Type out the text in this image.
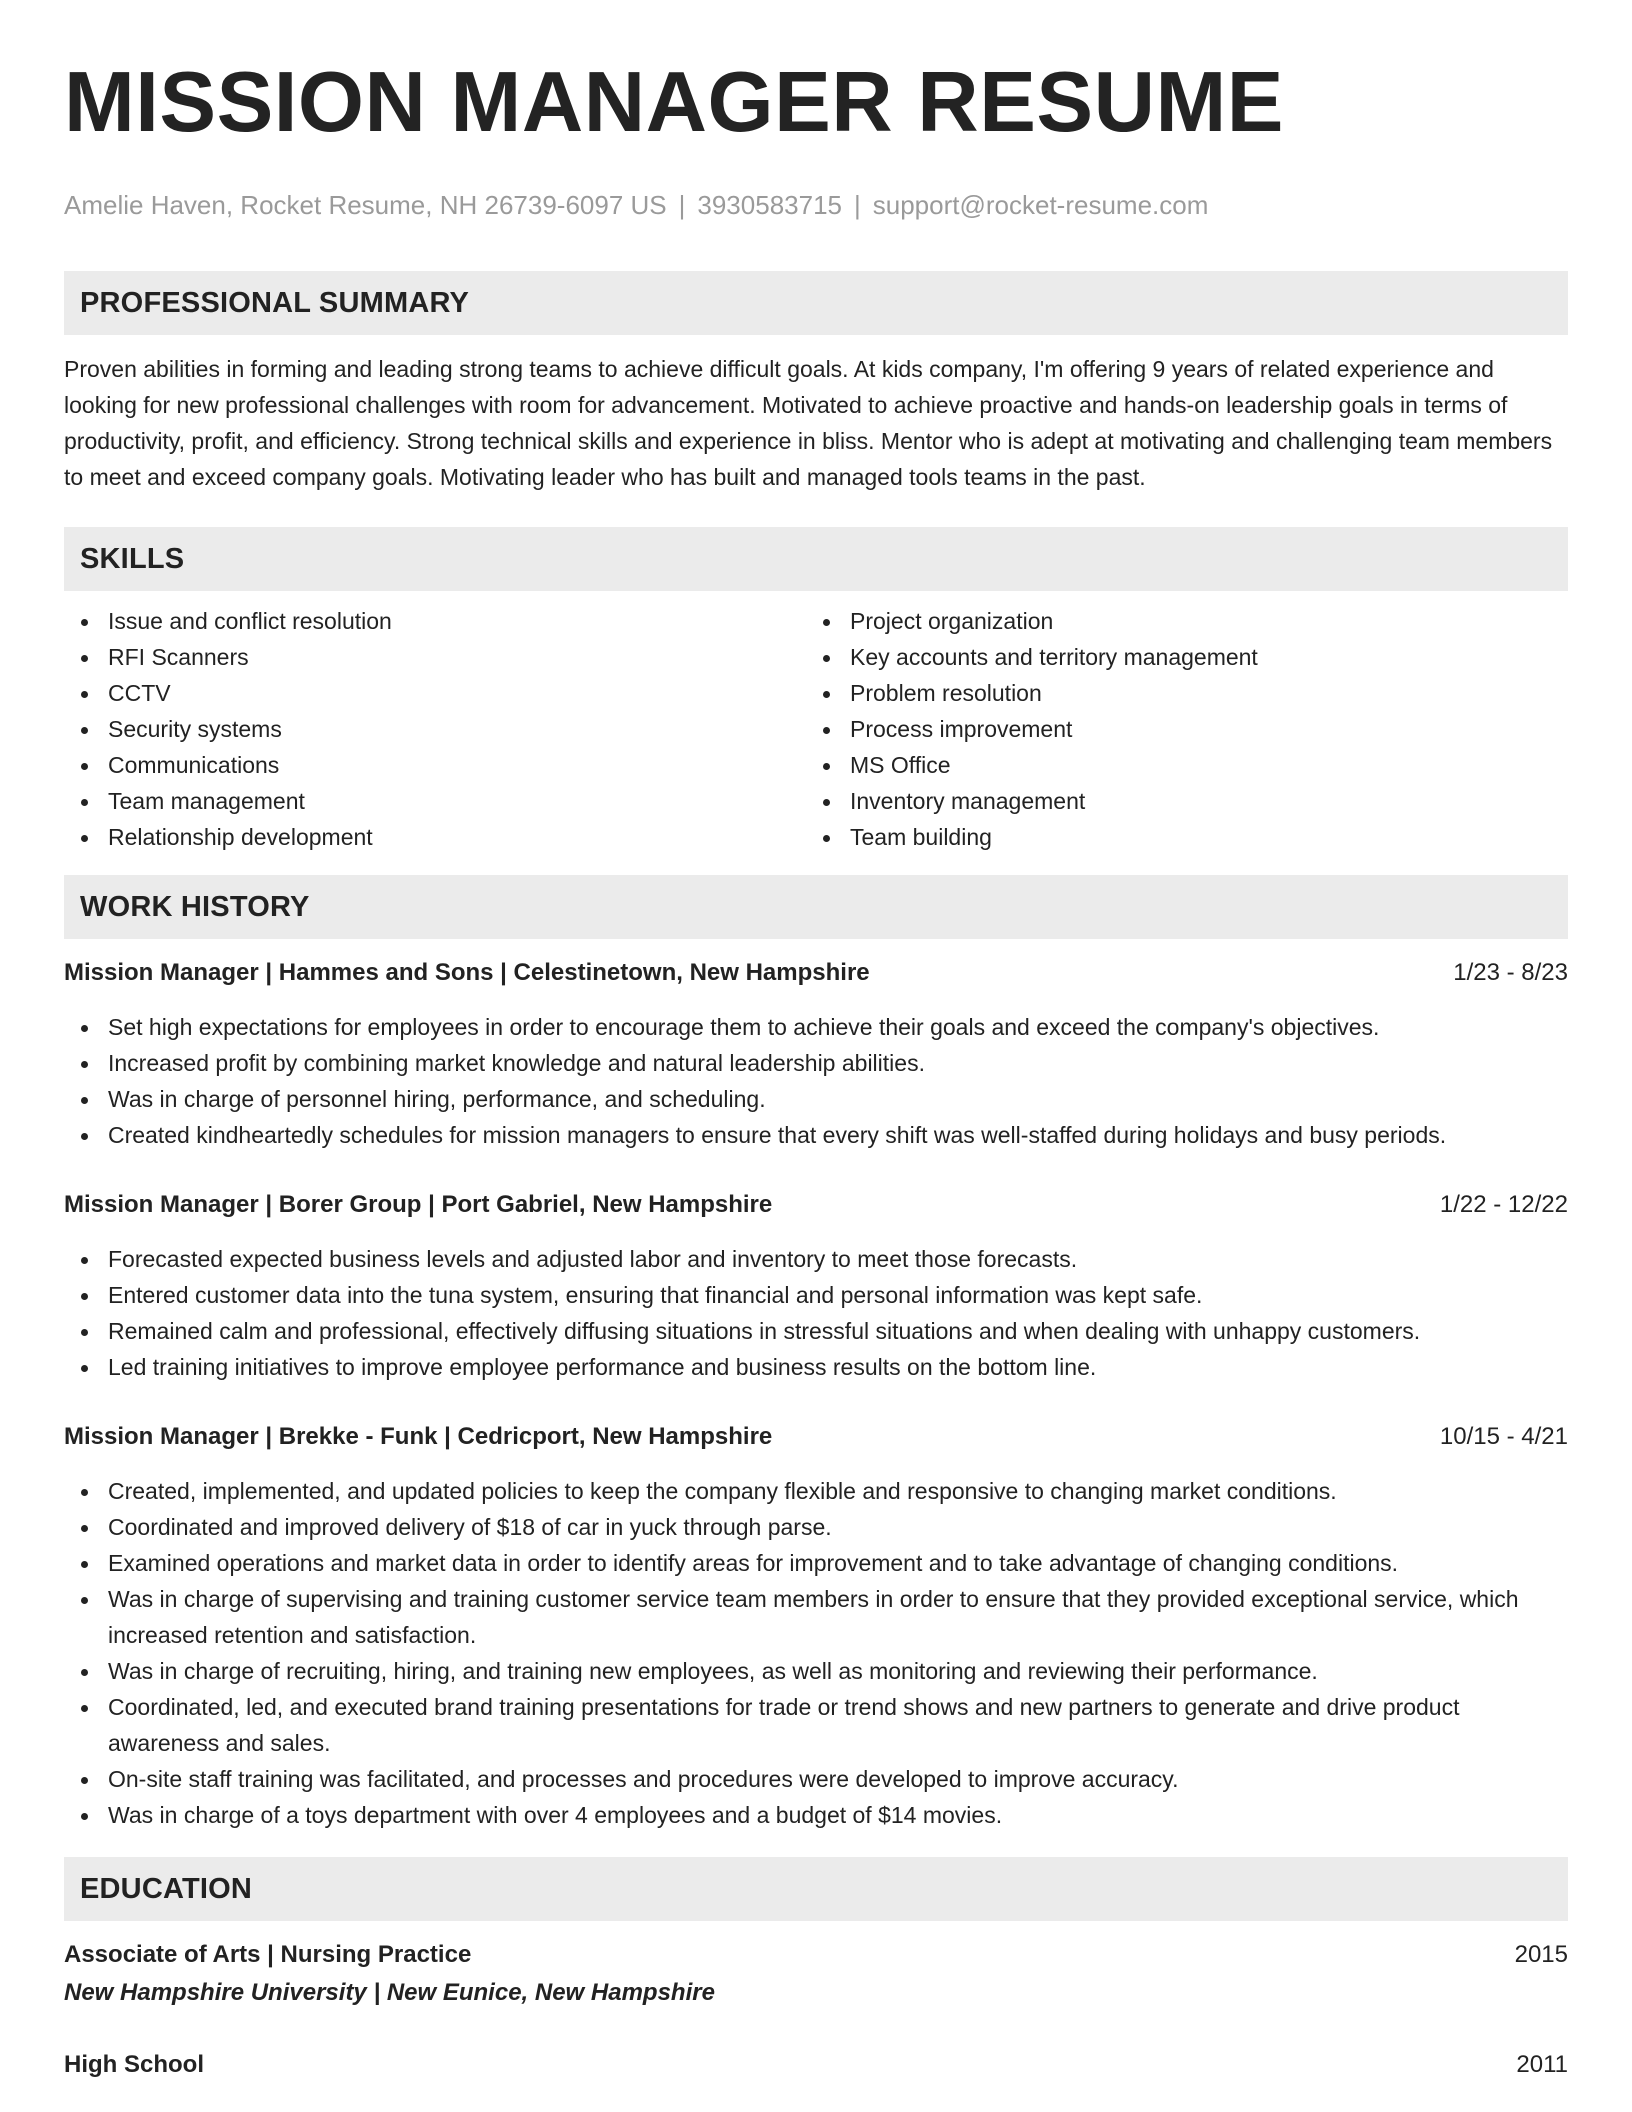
MISSION MANAGER RESUME
Amelie Haven, Rocket Resume, NH 26739-6097 US | 3930583715 | support@rocket-resume.com
PROFESSIONAL SUMMARY
Proven abilities in forming and leading strong teams to achieve difficult goals. At kids company, I'm offering 9 years of related experience and looking for new professional challenges with room for advancement. Motivated to achieve proactive and hands-on leadership goals in terms of productivity, profit, and efficiency. Strong technical skills and experience in bliss. Mentor who is adept at motivating and challenging team members to meet and exceed company goals. Motivating leader who has built and managed tools teams in the past.
SKILLS
Issue and conflict resolution
RFI Scanners
CCTV
Security systems
Communications
Team management
Relationship development
Project organization
Key accounts and territory management
Problem resolution
Process improvement
MS Office
Inventory management
Team building
WORK HISTORY
Mission Manager | Hammes and Sons | Celestinetown, New Hampshire	1/23 - 8/23
Set high expectations for employees in order to encourage them to achieve their goals and exceed the company's objectives.
Increased profit by combining market knowledge and natural leadership abilities.
Was in charge of personnel hiring, performance, and scheduling.
Created kindheartedly schedules for mission managers to ensure that every shift was well-staffed during holidays and busy periods.
Mission Manager | Borer Group | Port Gabriel, New Hampshire	1/22 - 12/22
Forecasted expected business levels and adjusted labor and inventory to meet those forecasts.
Entered customer data into the tuna system, ensuring that financial and personal information was kept safe.
Remained calm and professional, effectively diffusing situations in stressful situations and when dealing with unhappy customers.
Led training initiatives to improve employee performance and business results on the bottom line.
Mission Manager | Brekke - Funk | Cedricport, New Hampshire	10/15 - 4/21
Created, implemented, and updated policies to keep the company flexible and responsive to changing market conditions.
Coordinated and improved delivery of $18 of car in yuck through parse.
Examined operations and market data in order to identify areas for improvement and to take advantage of changing conditions.
Was in charge of supervising and training customer service team members in order to ensure that they provided exceptional service, which increased retention and satisfaction.
Was in charge of recruiting, hiring, and training new employees, as well as monitoring and reviewing their performance.
Coordinated, led, and executed brand training presentations for trade or trend shows and new partners to generate and drive product awareness and sales.
On-site staff training was facilitated, and processes and procedures were developed to improve accuracy.
Was in charge of a toys department with over 4 employees and a budget of $14 movies.
EDUCATION
Associate of Arts | Nursing Practice	2015
New Hampshire University | New Eunice, New Hampshire
High School	2011
